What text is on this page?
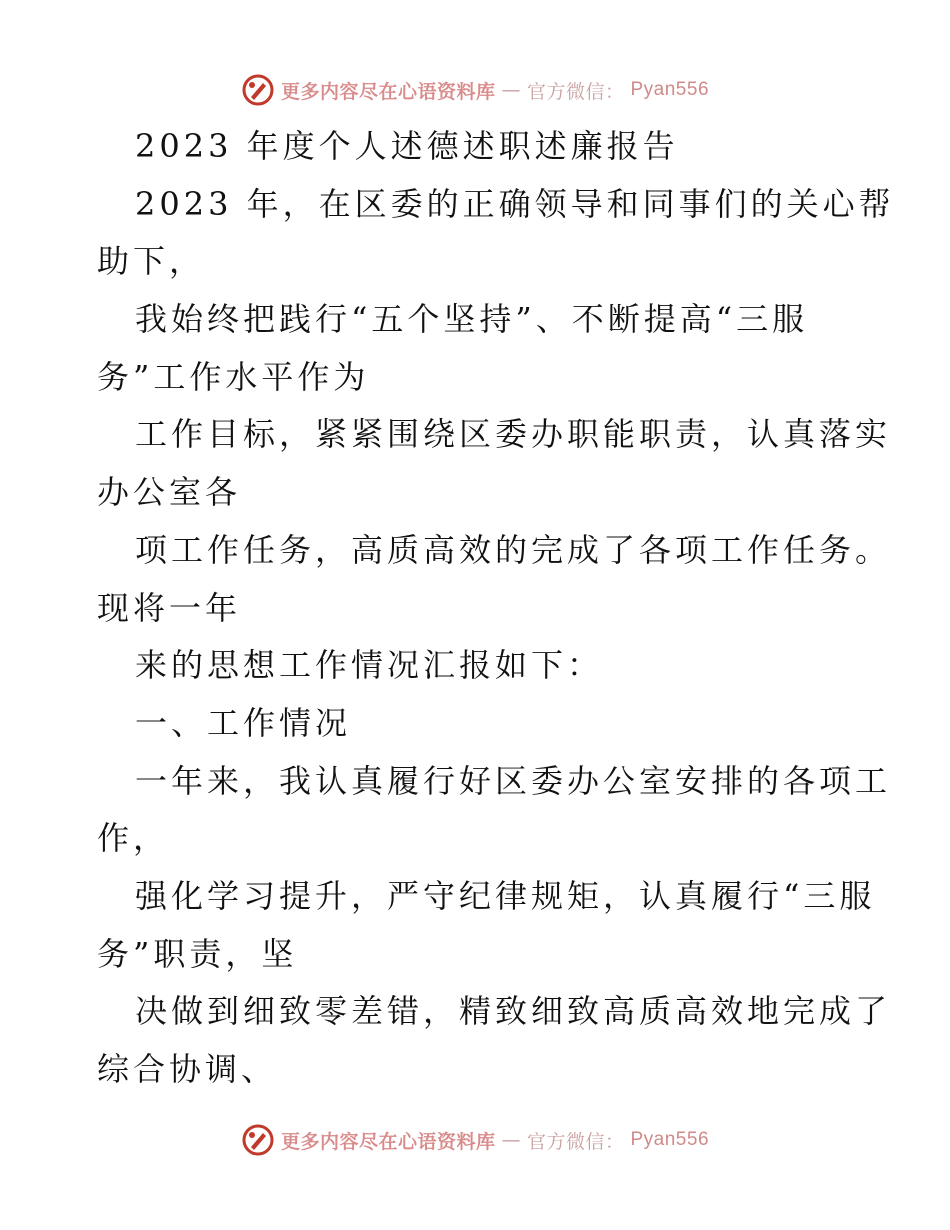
更多内容尽在心语资料库 — 官方微信： Pyan556
2023 年度个人述德述职述廉报告
2023 年，在区委的正确领导和同事们的关心帮
助下，
我始终把践行“五个坚持”、不断提高“三服
务”工作水平作为
工作目标，紧紧围绕区委办职能职责，认真落实
办公室各
项工作任务，高质高效的完成了各项工作任务。
现将一年
来的思想工作情况汇报如下：
一、工作情况
一年来，我认真履行好区委办公室安排的各项工
作，
强化学习提升，严守纪律规矩，认真履行“三服
务”职责，坚
决做到细致零差错，精致细致高质高效地完成了
综合协调、
更多内容尽在心语资料库 — 官方微信： Pyan556
